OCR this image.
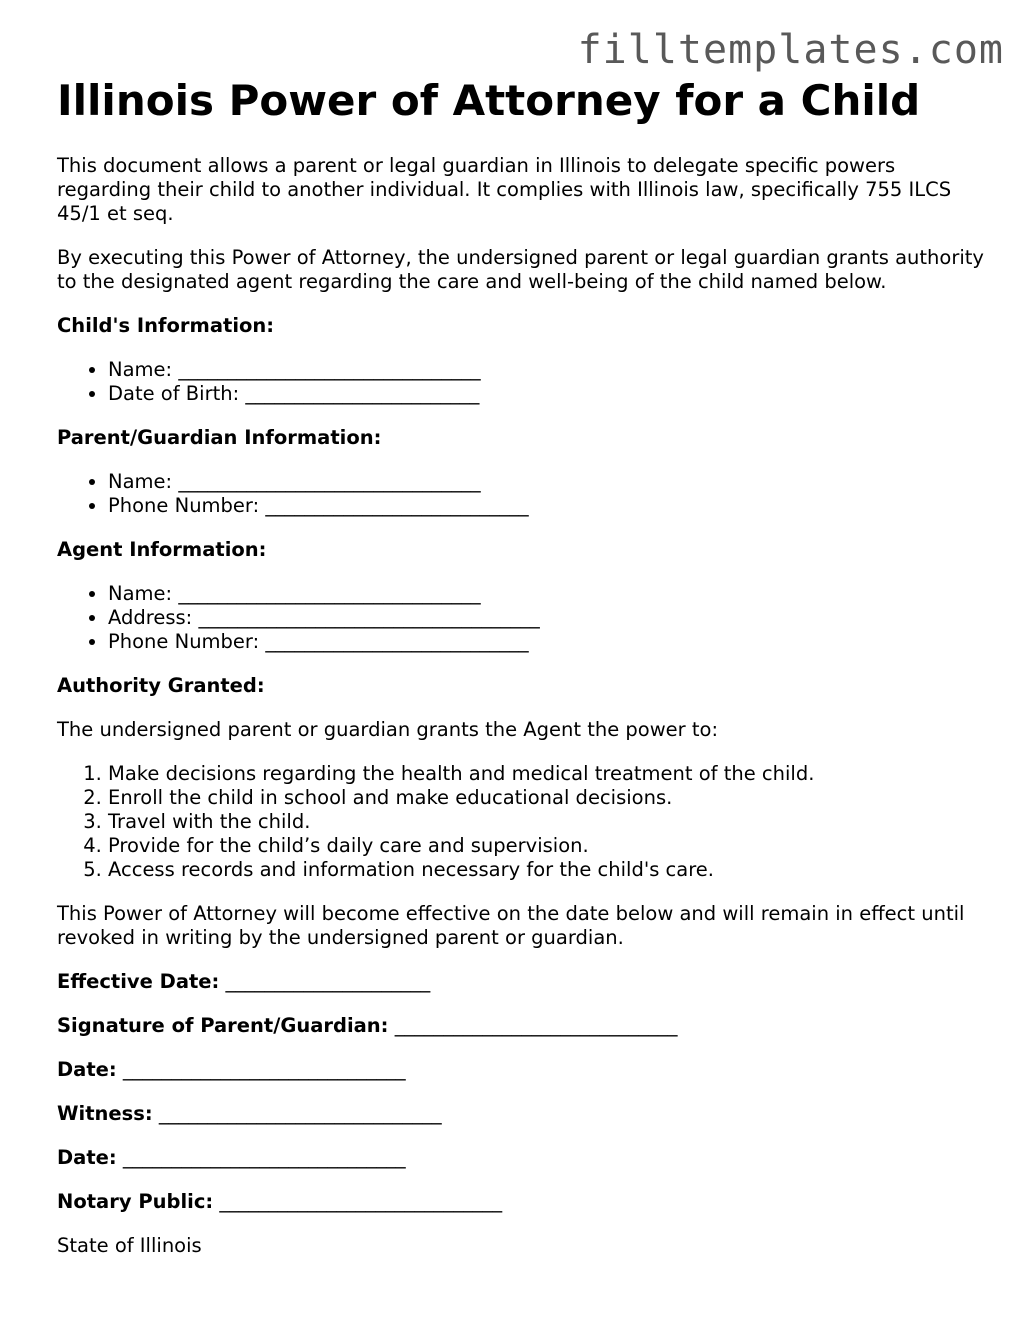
filltemplates.com
Illinois Power of Attorney for a Child

This document allows a parent or legal guardian in Illinois to delegate specific powers regarding their child to another individual. It complies with Illinois law, specifically 755 ILCS 45/1 et seq.

By executing this Power of Attorney, the undersigned parent or legal guardian grants authority to the designated agent regarding the care and well-being of the child named below.

Child's Information:

• Name: _______________________________
• Date of Birth: ________________________

Parent/Guardian Information:

• Name: _______________________________
• Phone Number: ___________________________

Agent Information:

• Name: _______________________________
• Address: ___________________________________
• Phone Number: ___________________________

Authority Granted:

The undersigned parent or guardian grants the Agent the power to:

1. Make decisions regarding the health and medical treatment of the child.
2. Enroll the child in school and make educational decisions.
3. Travel with the child.
4. Provide for the child’s daily care and supervision.
5. Access records and information necessary for the child's care.

This Power of Attorney will become effective on the date below and will remain in effect until revoked in writing by the undersigned parent or guardian.

Effective Date: _____________________

Signature of Parent/Guardian: _____________________________

Date: _____________________________

Witness: _____________________________

Date: _____________________________

Notary Public: _____________________________

State of Illinois
